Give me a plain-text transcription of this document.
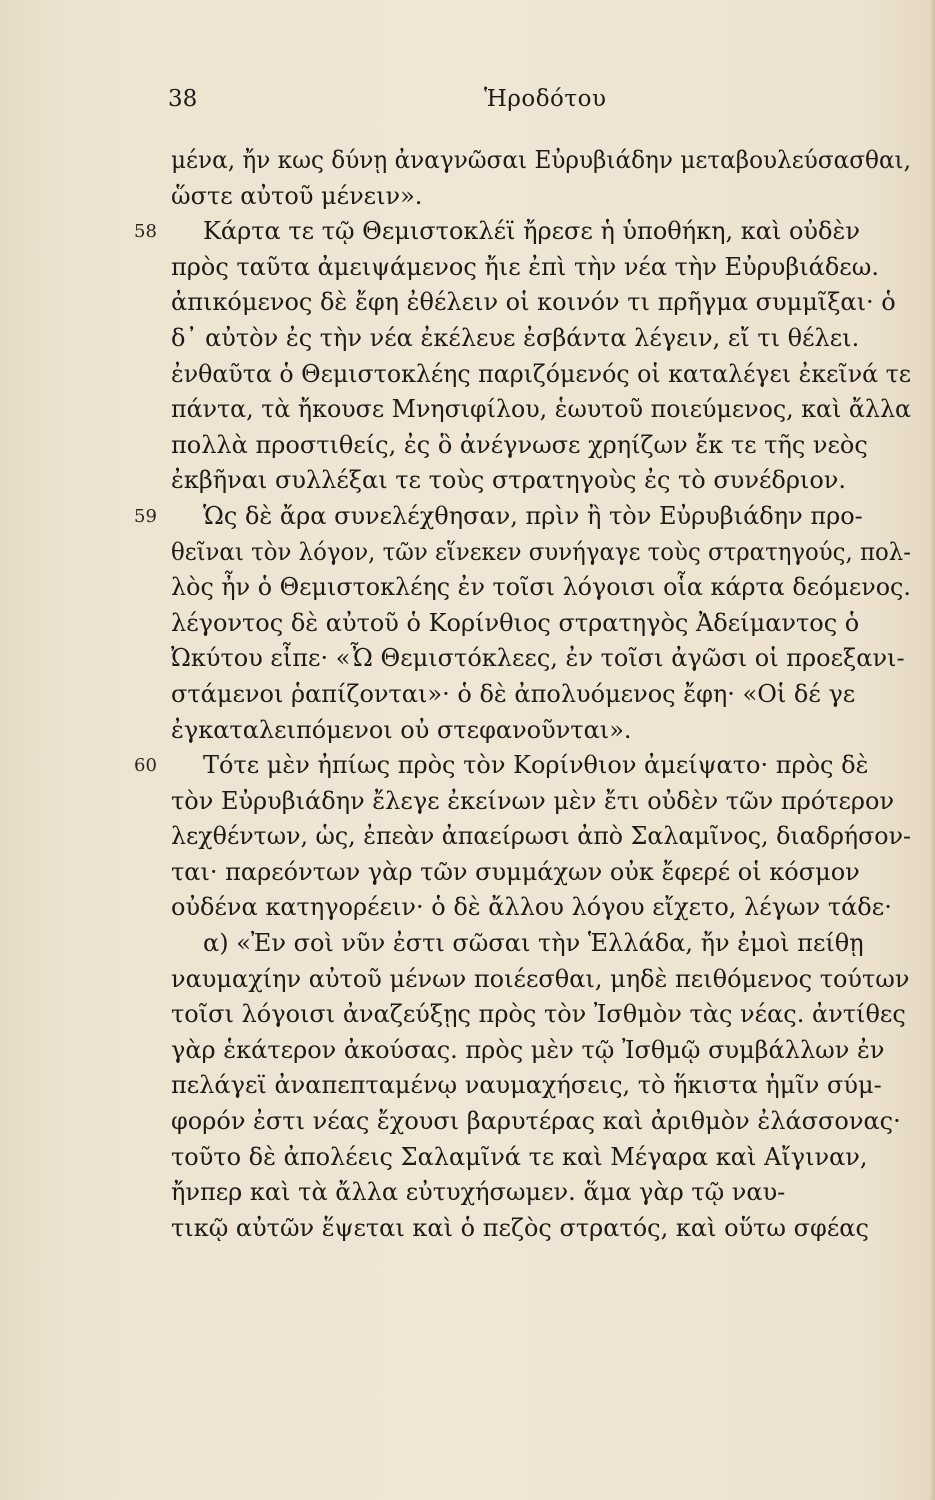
38	Ἡροδότου
μένα, ἤν κως δύνῃ ἀναγνῶσαι Εὐρυβιάδην μεταβουλεύσασθαι,
ὥστε αὐτοῦ μένειν».
58 Κάρτα τε τῷ Θεμιστοκλέϊ ἤρεσε ἡ ὑποθήκη, καὶ οὐδὲν
πρὸς ταῦτα ἀμειψάμενος ἤιε ἐπὶ τὴν νέα τὴν Εὐρυβιάδεω.
ἀπικόμενος δὲ ἔφη ἐθέλειν οἱ κοινόν τι πρῆγμα συμμῖξαι· ὁ
δ᾽ αὐτὸν ἐς τὴν νέα ἐκέλευε ἐσβάντα λέγειν, εἴ τι θέλει.
ἐνθαῦτα ὁ Θεμιστοκλέης παριζόμενός οἱ καταλέγει ἐκεῖνά τε
πάντα, τὰ ἤκουσε Μνησιφίλου, ἑωυτοῦ ποιεύμενος, καὶ ἄλλα
πολλὰ προστιθείς, ἐς ὃ ἀνέγνωσε χρηίζων ἔκ τε τῆς νεὸς
ἐκβῆναι συλλέξαι τε τοὺς στρατηγοὺς ἐς τὸ συνέδριον.
59 Ὡς δὲ ἄρα συνελέχθησαν, πρὶν ἢ τὸν Εὐρυβιάδην προ-
θεῖναι τὸν λόγον, τῶν εἵνεκεν συνήγαγε τοὺς στρατηγούς, πολ-
λὸς ἦν ὁ Θεμιστοκλέης ἐν τοῖσι λόγοισι οἷα κάρτα δεόμενος.
λέγοντος δὲ αὐτοῦ ὁ Κορίνθιος στρατηγὸς Ἀδείμαντος ὁ
Ὠκύτου εἶπε· «Ὦ Θεμιστόκλεες, ἐν τοῖσι ἀγῶσι οἱ προεξανι-
στάμενοι ῥαπίζονται»· ὁ δὲ ἀπολυόμενος ἔφη· «Οἱ δέ γε
ἐγκαταλειπόμενοι οὐ στεφανοῦνται».
60 Τότε μὲν ἠπίως πρὸς τὸν Κορίνθιον ἀμείψατο· πρὸς δὲ
τὸν Εὐρυβιάδην ἔλεγε ἐκείνων μὲν ἔτι οὐδὲν τῶν πρότερον
λεχθέντων, ὡς, ἐπεὰν ἀπαείρωσι ἀπὸ Σαλαμῖνος, διαδρήσον-
ται· παρεόντων γὰρ τῶν συμμάχων οὐκ ἔφερέ οἱ κόσμον
οὐδένα κατηγορέειν· ὁ δὲ ἄλλου λόγου εἴχετο, λέγων τάδε·
α) «Ἐν σοὶ νῦν ἐστι σῶσαι τὴν Ἑλλάδα, ἤν ἐμοὶ πείθῃ
ναυμαχίην αὐτοῦ μένων ποιέεσθαι, μηδὲ πειθόμενος τούτων
τοῖσι λόγοισι ἀναζεύξῃς πρὸς τὸν Ἰσθμὸν τὰς νέας. ἀντίθες
γὰρ ἑκάτερον ἀκούσας. πρὸς μὲν τῷ Ἰσθμῷ συμβάλλων ἐν
πελάγεϊ ἀναπεπταμένῳ ναυμαχήσεις, τὸ ἥκιστα ἡμῖν σύμ-
φορόν ἐστι νέας ἔχουσι βαρυτέρας καὶ ἀριθμὸν ἐλάσσονας·
τοῦτο δὲ ἀπολέεις Σαλαμῖνά τε καὶ Μέγαρα καὶ Αἴγιναν,
ἤνπερ καὶ τὰ ἄλλα εὐτυχήσωμεν. ἅμα γὰρ τῷ ναυ-
τικῷ αὐτῶν ἕψεται καὶ ὁ πεζὸς στρατός, καὶ οὕτω σφέας
